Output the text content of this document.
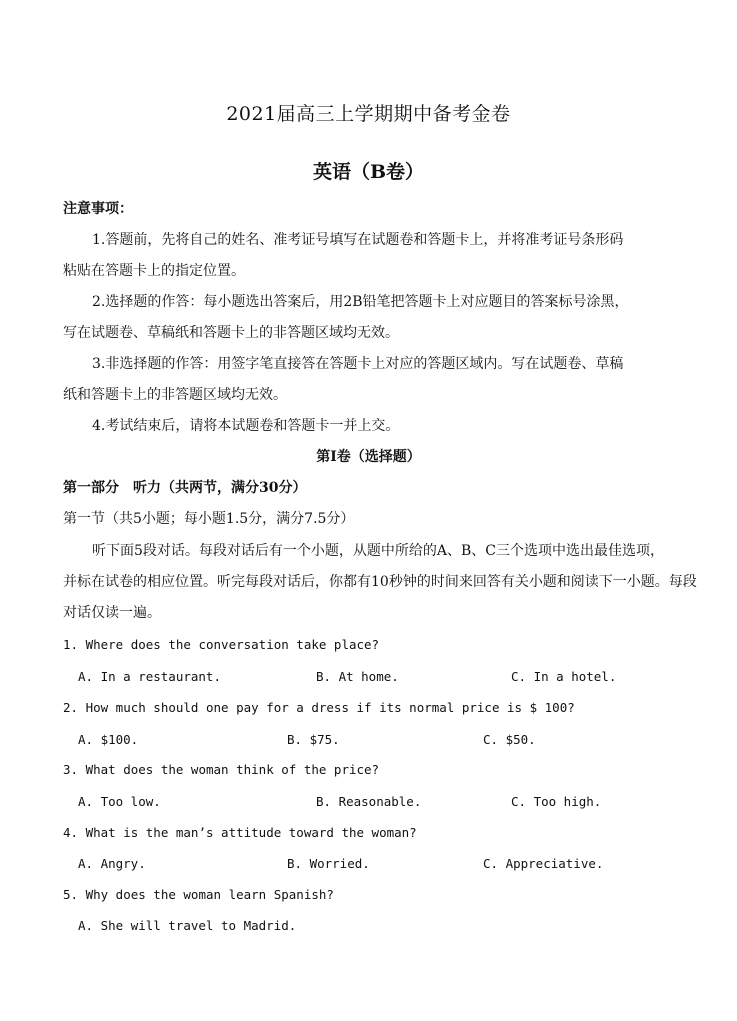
2021届高三上学期期中备考金卷
英语（B卷）
注意事项：
1.答题前，先将自己的姓名、准考证号填写在试题卷和答题卡上，并将准考证号条形码
粘贴在答题卡上的指定位置。
2.选择题的作答：每小题选出答案后，用2B铅笔把答题卡上对应题目的答案标号涂黑，
写在试题卷、草稿纸和答题卡上的非答题区域均无效。
3.非选择题的作答：用签字笔直接答在答题卡上对应的答题区域内。写在试题卷、草稿
纸和答题卡上的非答题区域均无效。
4.考试结束后，请将本试题卷和答题卡一并上交。
第Ⅰ卷（选择题）
第一部分　听力（共两节，满分30分）
第一节（共5小题；每小题1.5分，满分7.5分）
听下面5段对话。每段对话后有一个小题，从题中所给的A、B、C三个选项中选出最佳选项，
并标在试卷的相应位置。听完每段对话后，你都有10秒钟的时间来回答有关小题和阅读下一小题。每段
对话仅读一遍。
1. Where does the conversation take place?
A. In a restaurant.	B. At home.	C. In a hotel.
2. How much should one pay for a dress if its normal price is $ 100?
A. $100.	B. $75.	C. $50.
3. What does the woman think of the price?
A. Too low.	B. Reasonable.	C. Too high.
4. What is the man’s attitude toward the woman?
A. Angry.	B. Worried.	C. Appreciative.
5. Why does the woman learn Spanish?
A. She will travel to Madrid.
